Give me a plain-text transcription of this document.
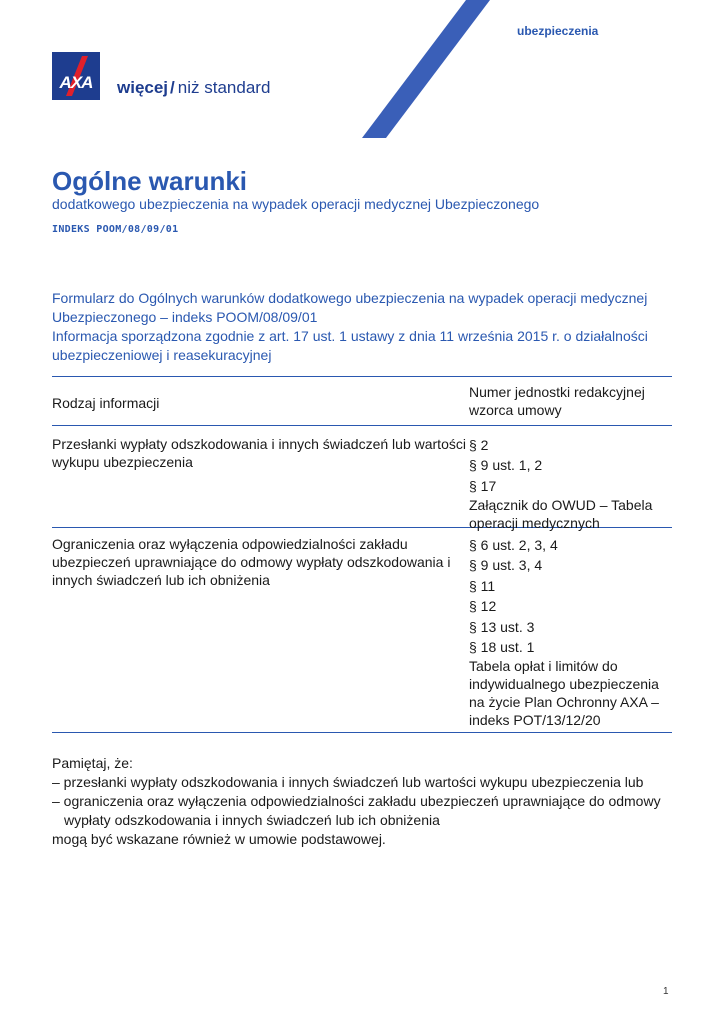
ubezpieczenia
AXA więcej / niż standard
Ogólne warunki
dodatkowego ubezpieczenia na wypadek operacji medycznej Ubezpieczonego
INDEKS POOM/08/09/01

Formularz do Ogólnych warunków dodatkowego ubezpieczenia na wypadek operacji medycznej Ubezpieczonego – indeks POOM/08/09/01

Informacja sporządzona zgodnie z art. 17 ust. 1 ustawy z dnia 11 września 2015 r. o działalności ubezpieczeniowej i reasekuracyjnej

Rodzaj informacji
Numer jednostki redakcyjnej wzorca umowy
Przesłanki wypłaty odszkodowania i innych świadczeń lub wartości wykupu ubezpieczenia
§ 2
§ 9 ust. 1, 2
§ 17
Załącznik do OWUD – Tabela operacji medycznych
Ograniczenia oraz wyłączenia odpowiedzialności zakładu ubezpieczeń uprawniające do odmowy wypłaty odszkodowania i innych świadczeń lub ich obniżenia
§ 6 ust. 2, 3, 4
§ 9 ust. 3, 4
§ 11
§ 12
§ 13 ust. 3
§ 18 ust. 1
Tabela opłat i limitów do indywidualnego ubezpieczenia na życie Plan Ochronny AXA – indeks POT/13/12/20
Pamiętaj, że:
– przesłanki wypłaty odszkodowania i innych świadczeń lub wartości wykupu ubezpieczenia lub
– ograniczenia oraz wyłączenia odpowiedzialności zakładu ubezpieczeń uprawniające do odmowy wypłaty odszkodowania i innych świadczeń lub ich obniżenia
mogą być wskazane również w umowie podstawowej.
1
